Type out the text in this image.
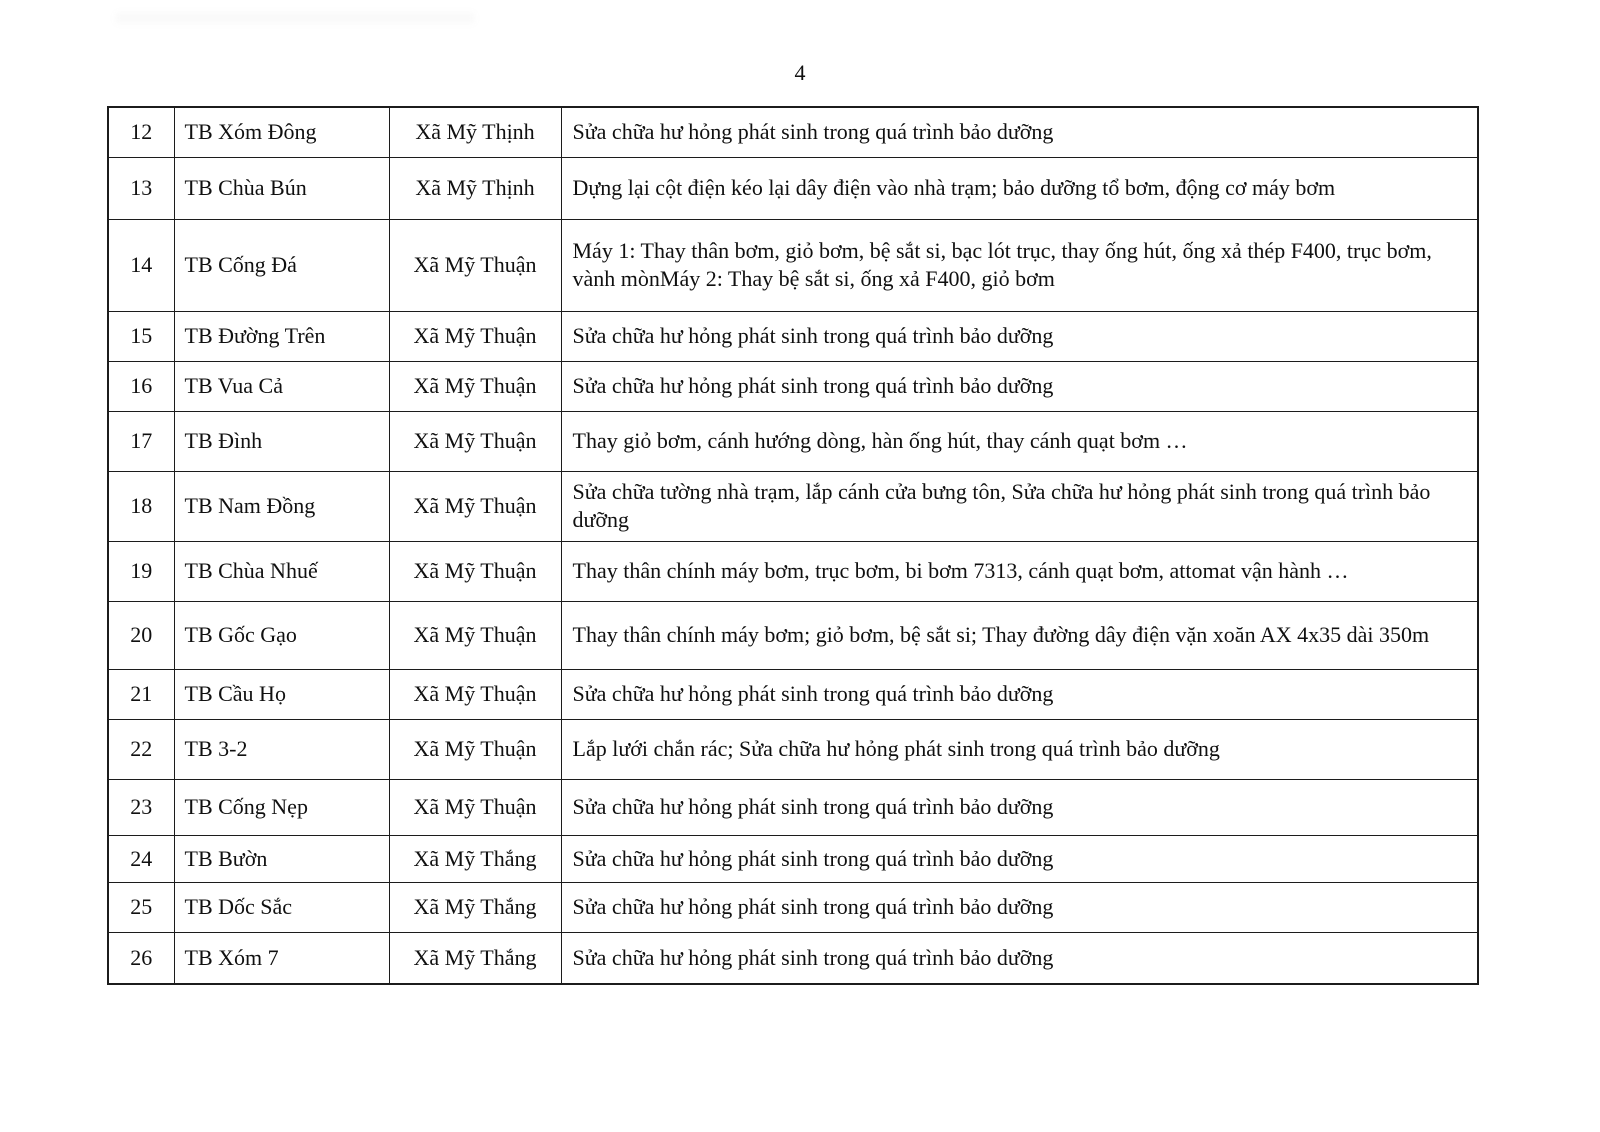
4
12	TB Xóm Đông	Xã Mỹ Thịnh	Sửa chữa hư hỏng phát sinh trong quá trình bảo dưỡng
13	TB Chùa Bún	Xã Mỹ Thịnh	Dựng lại cột điện kéo lại dây điện vào nhà trạm; bảo dưỡng tổ bơm, động cơ máy bơm
14	TB Cống Đá	Xã Mỹ Thuận	Máy 1: Thay thân bơm, giỏ bơm, bệ sắt si, bạc lót trục, thay ống hút, ống xả thép F400, trục bơm, vành mònMáy 2: Thay bệ sắt si, ống xả F400, giỏ bơm
15	TB Đường Trên	Xã Mỹ Thuận	Sửa chữa hư hỏng phát sinh trong quá trình bảo dưỡng
16	TB Vua Cả	Xã Mỹ Thuận	Sửa chữa hư hỏng phát sinh trong quá trình bảo dưỡng
17	TB Đình	Xã Mỹ Thuận	Thay giỏ bơm, cánh hướng dòng, hàn ống hút, thay cánh quạt bơm …
18	TB Nam Đồng	Xã Mỹ Thuận	Sửa chữa tường nhà trạm, lắp cánh cửa bưng tôn, Sửa chữa hư hỏng phát sinh trong quá trình bảo dưỡng
19	TB Chùa Nhuế	Xã Mỹ Thuận	Thay thân chính máy bơm, trục bơm, bi bơm 7313, cánh quạt bơm, attomat vận hành …
20	TB Gốc Gạo	Xã Mỹ Thuận	Thay thân chính máy bơm; giỏ bơm, bệ sắt si; Thay đường dây điện vặn xoăn AX 4x35 dài 350m
21	TB Cầu Họ	Xã Mỹ Thuận	Sửa chữa hư hỏng phát sinh trong quá trình bảo dưỡng
22	TB 3-2	Xã Mỹ Thuận	Lắp lưới chắn rác; Sửa chữa hư hỏng phát sinh trong quá trình bảo dưỡng
23	TB Cống Nẹp	Xã Mỹ Thuận	Sửa chữa hư hỏng phát sinh trong quá trình bảo dưỡng
24	TB Bườn	Xã Mỹ Thắng	Sửa chữa hư hỏng phát sinh trong quá trình bảo dưỡng
25	TB Dốc Sắc	Xã Mỹ Thắng	Sửa chữa hư hỏng phát sinh trong quá trình bảo dưỡng
26	TB Xóm 7	Xã Mỹ Thắng	Sửa chữa hư hỏng phát sinh trong quá trình bảo dưỡng
